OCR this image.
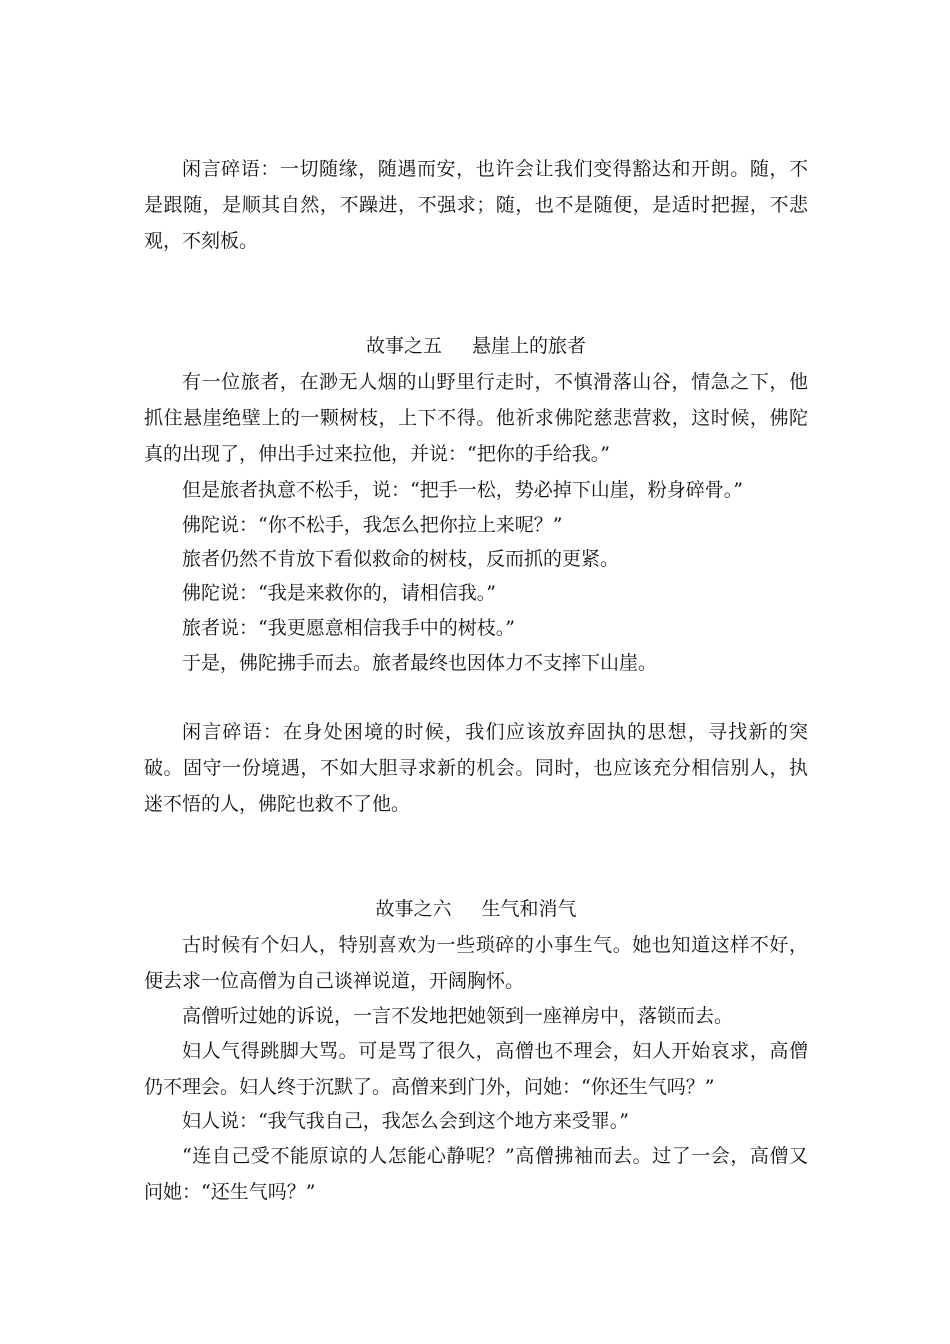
闲言碎语：一切随缘，随遇而安，也许会让我们变得豁达和开朗。随，不是跟随，是顺其自然，不躁进，不强求；随，也不是随便，是适时把握，不悲观，不刻板。

故事之五 悬崖上的旅者

有一位旅者，在渺无人烟的山野里行走时，不慎滑落山谷，情急之下，他抓住悬崖绝壁上的一颗树枝，上下不得。他祈求佛陀慈悲营救，这时候，佛陀真的出现了，伸出手过来拉他，并说：“把你的手给我。”

但是旅者执意不松手，说：“把手一松，势必掉下山崖，粉身碎骨。”

佛陀说：“你不松手，我怎么把你拉上来呢？”

旅者仍然不肯放下看似救命的树枝，反而抓的更紧。

佛陀说：“我是来救你的，请相信我。”

旅者说：“我更愿意相信我手中的树枝。”

于是，佛陀拂手而去。旅者最终也因体力不支摔下山崖。

闲言碎语：在身处困境的时候，我们应该放弃固执的思想，寻找新的突破。固守一份境遇，不如大胆寻求新的机会。同时，也应该充分相信别人，执迷不悟的人，佛陀也救不了他。

故事之六 生气和消气

古时候有个妇人，特别喜欢为一些琐碎的小事生气。她也知道这样不好，便去求一位高僧为自己谈禅说道，开阔胸怀。

高僧听过她的诉说，一言不发地把她领到一座禅房中，落锁而去。

妇人气得跳脚大骂。可是骂了很久，高僧也不理会，妇人开始哀求，高僧仍不理会。妇人终于沉默了。高僧来到门外，问她：“你还生气吗？”

妇人说：“我气我自己，我怎么会到这个地方来受罪。”

“连自己受不能原谅的人怎能心静呢？”高僧拂袖而去。过了一会，高僧又问她：“还生气吗？”
